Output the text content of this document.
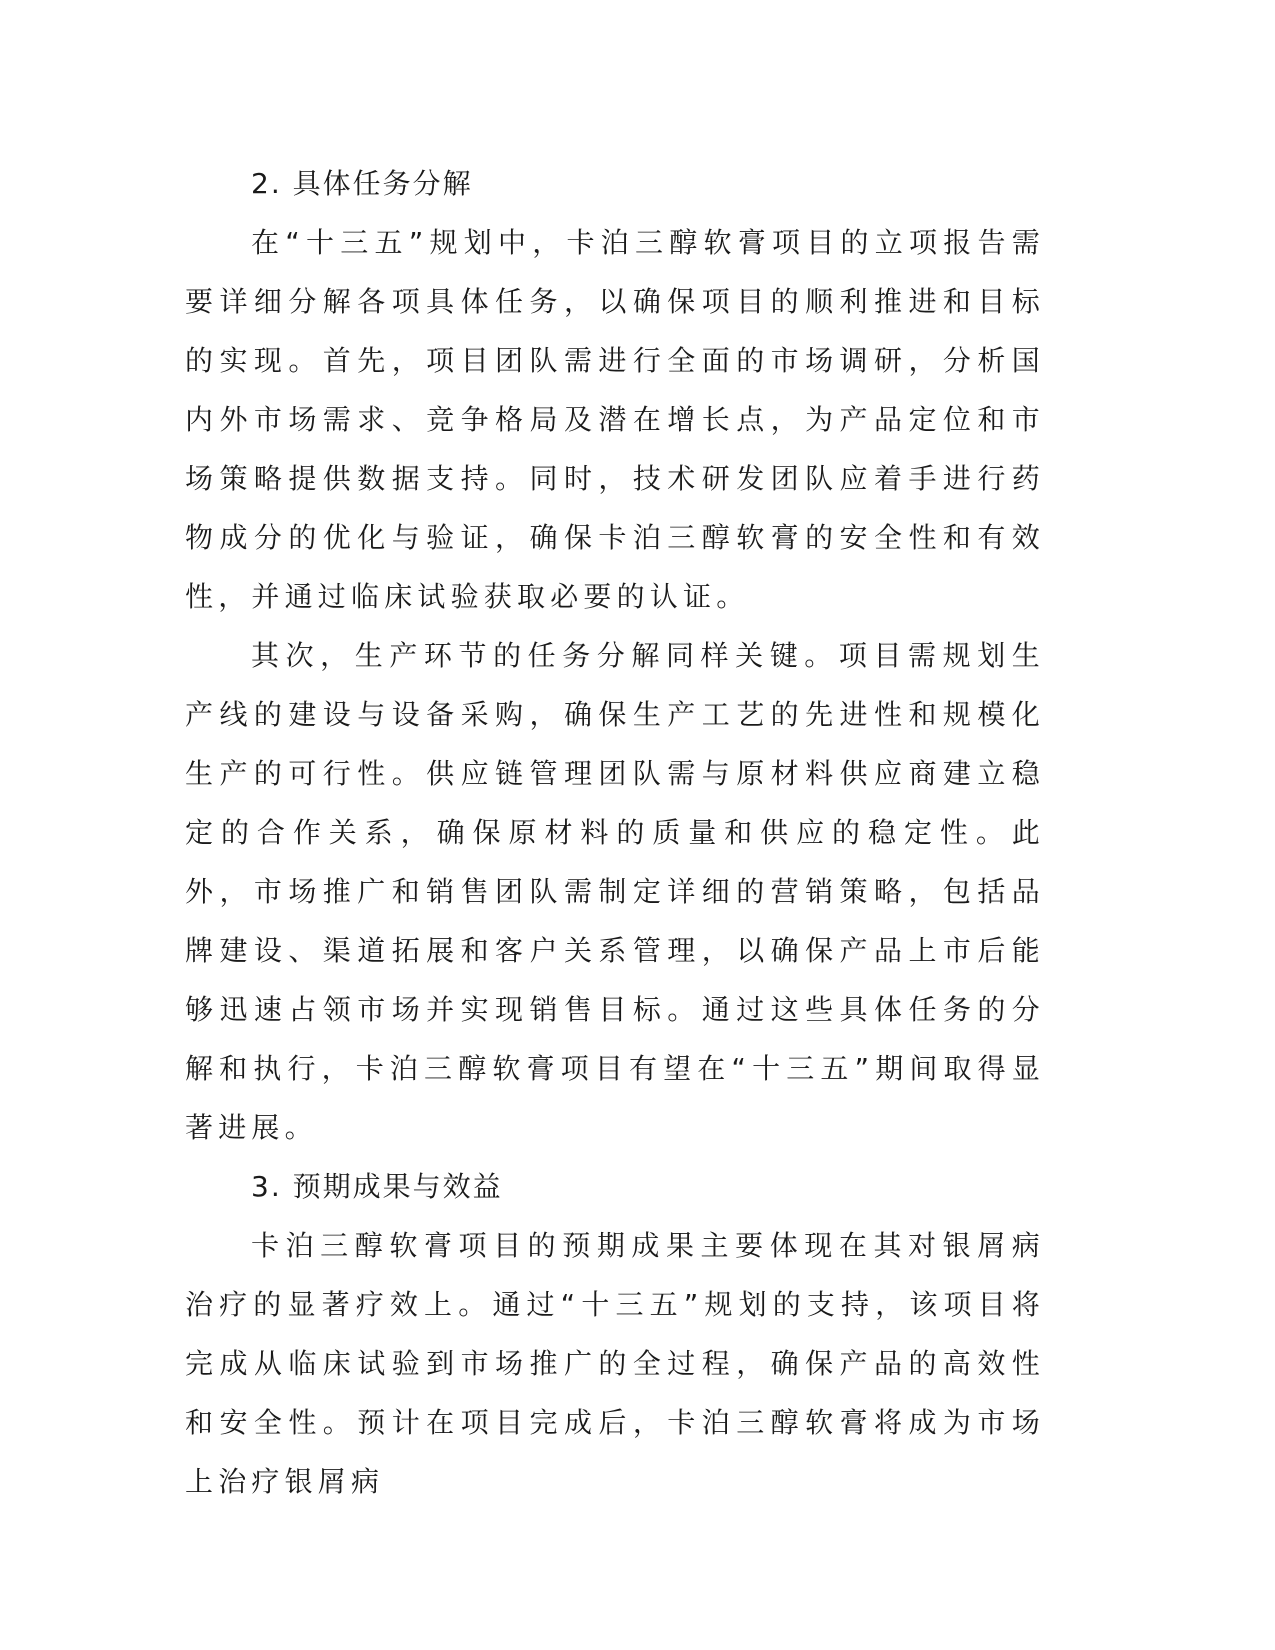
2. 具体任务分解

在“十三五”规划中，卡泊三醇软膏项目的立项报告需要详细分解各项具体任务，以确保项目的顺利推进和目标的实现。首先，项目团队需进行全面的市场调研，分析国内外市场需求、竞争格局及潜在增长点，为产品定位和市场策略提供数据支持。同时，技术研发团队应着手进行药物成分的优化与验证，确保卡泊三醇软膏的安全性和有效性，并通过临床试验获取必要的认证。

其次，生产环节的任务分解同样关键。项目需规划生产线的建设与设备采购，确保生产工艺的先进性和规模化生产的可行性。供应链管理团队需与原材料供应商建立稳定的合作关系，确保原材料的质量和供应的稳定性。此外，市场推广和销售团队需制定详细的营销策略，包括品牌建设、渠道拓展和客户关系管理，以确保产品上市后能够迅速占领市场并实现销售目标。通过这些具体任务的分解和执行，卡泊三醇软膏项目有望在“十三五”期间取得显著进展。

3. 预期成果与效益

卡泊三醇软膏项目的预期成果主要体现在其对银屑病治疗的显著疗效上。通过“十三五”规划的支持，该项目将完成从临床试验到市场推广的全过程，确保产品的高效性和安全性。预计在项目完成后，卡泊三醇软膏将成为市场上治疗银屑病
